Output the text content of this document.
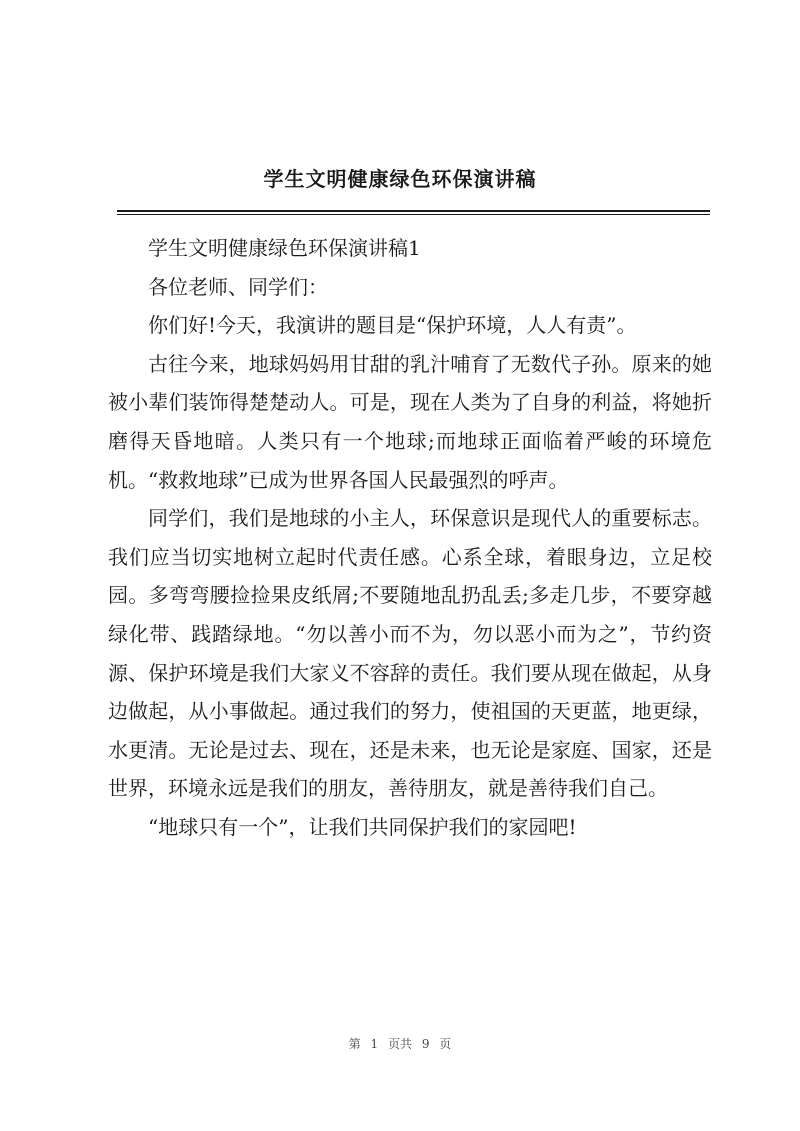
学生文明健康绿色环保演讲稿

学生文明健康绿色环保演讲稿1

各位老师、同学们：

你们好!今天，我演讲的题目是“保护环境，人人有责”。

古往今来，地球妈妈用甘甜的乳汁哺育了无数代子孙。原来的她被小辈们装饰得楚楚动人。可是，现在人类为了自身的利益，将她折磨得天昏地暗。人类只有一个地球;而地球正面临着严峻的环境危机。“救救地球”已成为世界各国人民最强烈的呼声。

同学们，我们是地球的小主人，环保意识是现代人的重要标志。我们应当切实地树立起时代责任感。心系全球，着眼身边，立足校园。多弯弯腰捡捡果皮纸屑;不要随地乱扔乱丢;多走几步，不要穿越绿化带、践踏绿地。“勿以善小而不为，勿以恶小而为之”，节约资源、保护环境是我们大家义不容辞的责任。我们要从现在做起，从身边做起，从小事做起。通过我们的努力，使祖国的天更蓝，地更绿，水更清。无论是过去、现在，还是未来，也无论是家庭、国家，还是世界，环境永远是我们的朋友，善待朋友，就是善待我们自己。

“地球只有一个”，让我们共同保护我们的家园吧!

第 1 页共 9 页
